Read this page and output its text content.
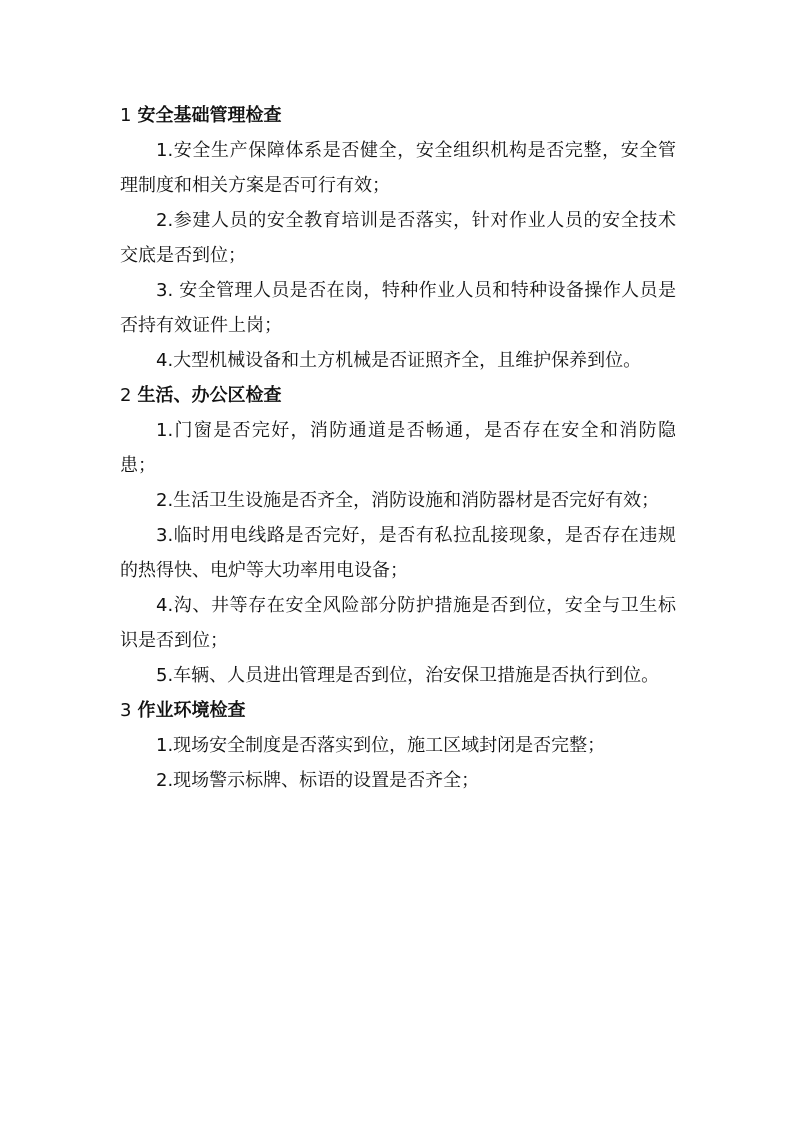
1 安全基础管理检查

1.安全生产保障体系是否健全，安全组织机构是否完整，安全管理制度和相关方案是否可行有效；

2.参建人员的安全教育培训是否落实，针对作业人员的安全技术交底是否到位；

3. 安全管理人员是否在岗，特种作业人员和特种设备操作人员是否持有效证件上岗；

4.大型机械设备和土方机械是否证照齐全，且维护保养到位。

2 生活、办公区检查

1.门窗是否完好，消防通道是否畅通，是否存在安全和消防隐患；

2.生活卫生设施是否齐全，消防设施和消防器材是否完好有效；

3.临时用电线路是否完好，是否有私拉乱接现象，是否存在违规的热得快、电炉等大功率用电设备；

4.沟、井等存在安全风险部分防护措施是否到位，安全与卫生标识是否到位；

5.车辆、人员进出管理是否到位，治安保卫措施是否执行到位。

3 作业环境检查

1.现场安全制度是否落实到位，施工区域封闭是否完整；

2.现场警示标牌、标语的设置是否齐全；
